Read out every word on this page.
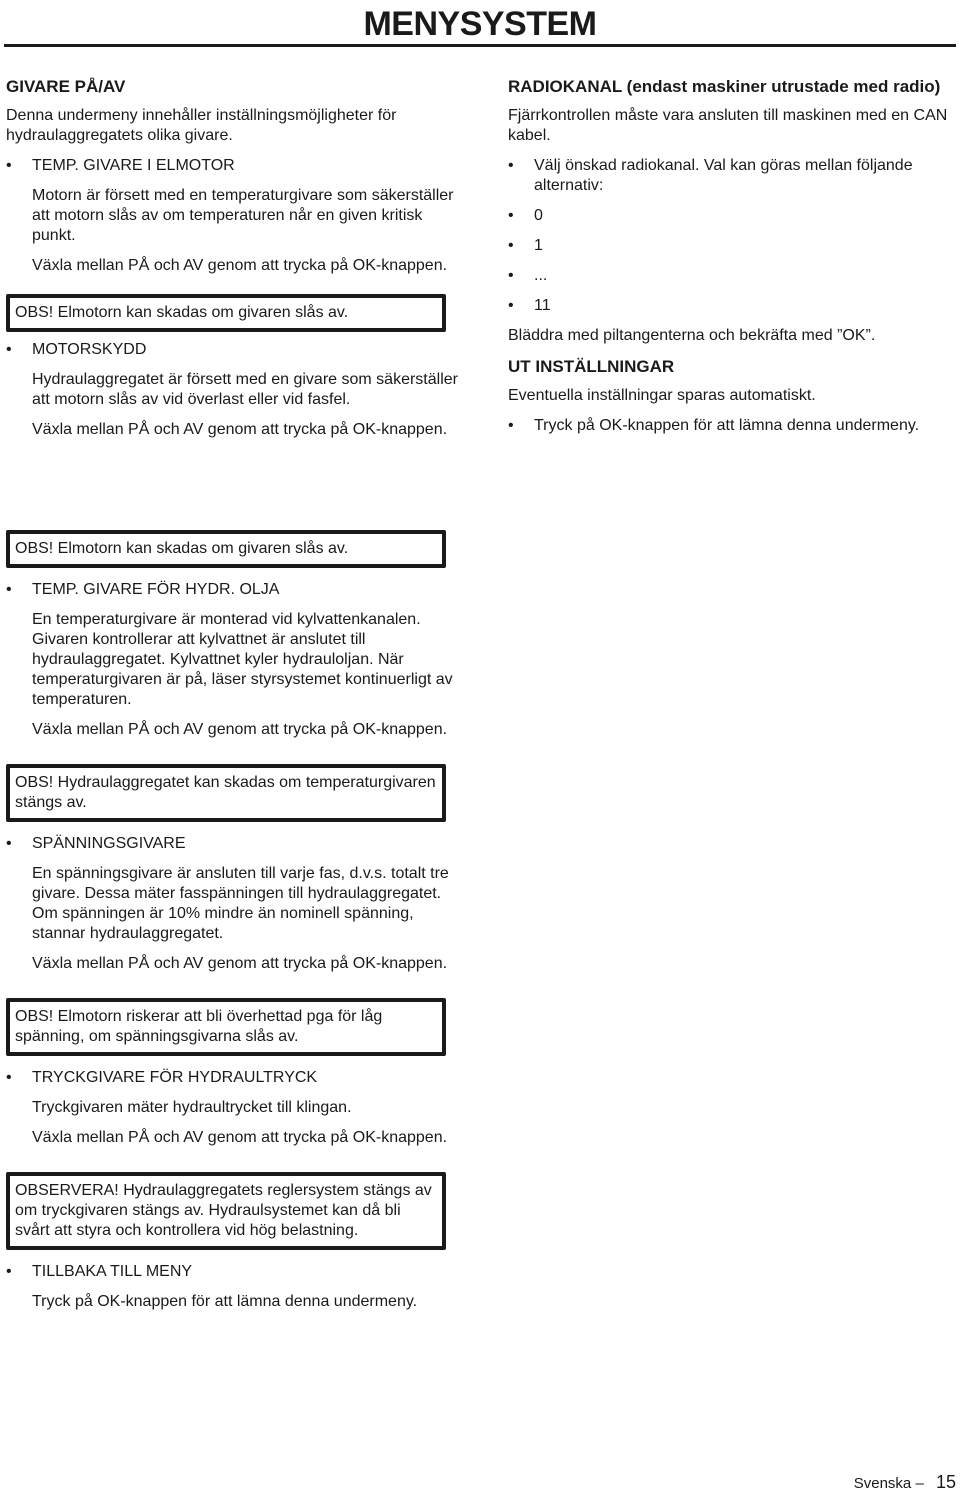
MENYSYSTEM
GIVARE PÅ/AV

Denna undermeny innehåller inställningsmöjligheter för hydraulaggregatets olika givare.

• TEMP. GIVARE I ELMOTOR

Motorn är försett med en temperaturgivare som säkerställer att motorn slås av om temperaturen når en given kritisk punkt.

Växla mellan PÅ och AV genom att trycka på OK-knappen.

OBS! Elmotorn kan skadas om givaren slås av.
• MOTORSKYDD

Hydraulaggregatet är försett med en givare som säkerställer att motorn slås av vid överlast eller vid fasfel.

Växla mellan PÅ och AV genom att trycka på OK-knappen.

RADIOKANAL (endast maskiner utrustade med radio)

Fjärrkontrollen måste vara ansluten till maskinen med en CAN kabel.

• Välj önskad radiokanal. Val kan göras mellan följande alternativ:
• 0
• 1
• ...
• 11

Bläddra med piltangenterna och bekräfta med ”OK”.

UT INSTÄLLNINGAR

Eventuella inställningar sparas automatiskt.

• Tryck på OK-knappen för att lämna denna undermeny.
OBS! Elmotorn kan skadas om givaren slås av.
• TEMP. GIVARE FÖR HYDR. OLJA

En temperaturgivare är monterad vid kylvattenkanalen. Givaren kontrollerar att kylvattnet är anslutet till hydraulaggregatet. Kylvattnet kyler hydrauloljan. När temperaturgivaren är på, läser styrsystemet kontinuerligt av temperaturen.

Växla mellan PÅ och AV genom att trycka på OK-knappen.

OBS! Hydraulaggregatet kan skadas om temperaturgivaren stängs av.
• SPÄNNINGSGIVARE

En spänningsgivare är ansluten till varje fas, d.v.s. totalt tre givare. Dessa mäter fasspänningen till hydraulaggregatet. Om spänningen är 10% mindre än nominell spänning, stannar hydraulaggregatet.

Växla mellan PÅ och AV genom att trycka på OK-knappen.

OBS! Elmotorn riskerar att bli överhettad pga för låg spänning, om spänningsgivarna slås av.
• TRYCKGIVARE FÖR HYDRAULTRYCK

Tryckgivaren mäter hydraultrycket till klingan.

Växla mellan PÅ och AV genom att trycka på OK-knappen.

OBSERVERA! Hydraulaggregatets reglersystem stängs av om tryckgivaren stängs av. Hydraulsystemet kan då bli svårt att styra och kontrollera vid hög belastning.
• TILLBAKA TILL MENY

Tryck på OK-knappen för att lämna denna undermeny.

Svenska – 15
